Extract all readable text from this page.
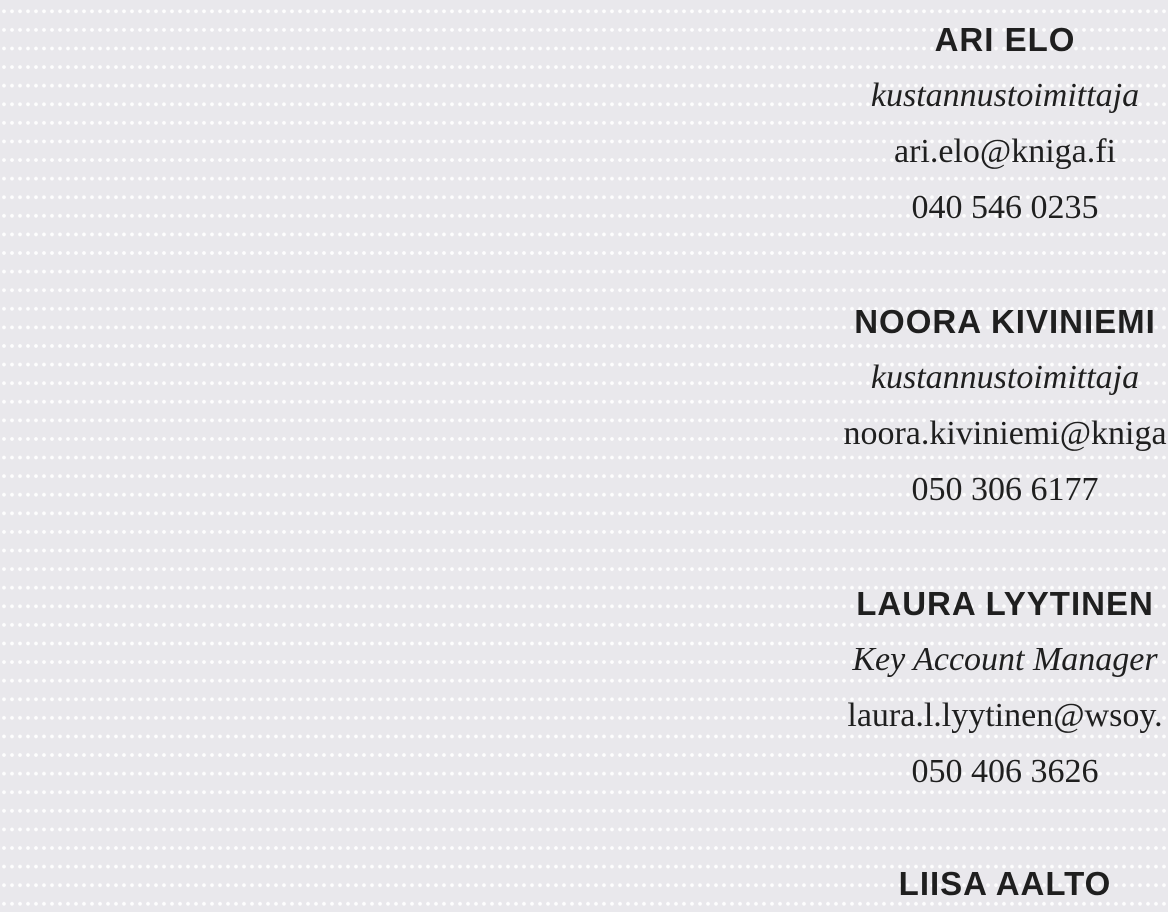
ARI ELO
kustannustoimittaja
ari.elo@kniga.fi
040 546 0235
NOORA KIVINIEMI
kustannustoimittaja
noora.kiviniemi@kniga
050 306 6177
LAURA LYYTINEN
Key Account Manager
laura.l.lyytinen@wsoy.
050 406 3626
LIISA AALTO
